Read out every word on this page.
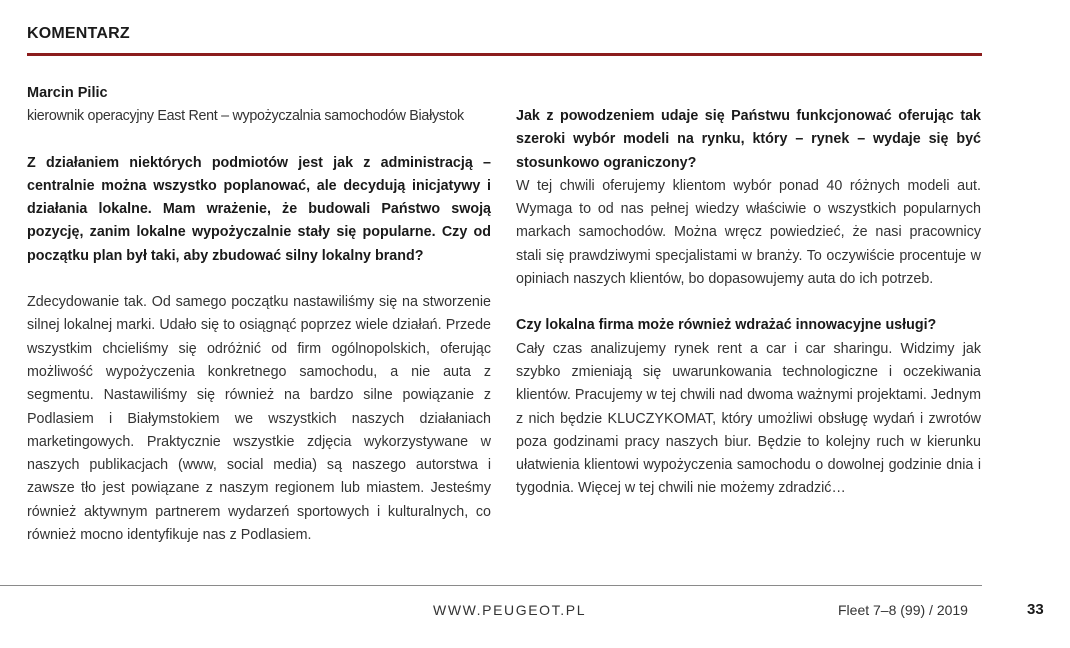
KOMENTARZ

Marcin Pilic

kierownik operacyjny East Rent – wypożyczalnia samochodów Białystok

Z działaniem niektórych podmiotów jest jak z administracją – centralnie można wszystko poplanować, ale decydują inicjatywy i działania lokalne. Mam wrażenie, że budowali Państwo swoją pozycję, zanim lokalne wypożyczalnie stały się popularne. Czy od początku plan był taki, aby zbudować silny lokalny brand?

Zdecydowanie tak. Od samego początku nastawiliśmy się na stworzenie silnej lokalnej marki. Udało się to osiągnąć poprzez wiele działań. Przede wszystkim chcieliśmy się odróżnić od firm ogólnopolskich, oferując możliwość wypożyczenia konkretnego samochodu, a nie auta z segmentu. Nastawiliśmy się również na bardzo silne powiązanie z Podlasiem i Białymstokiem we wszystkich naszych działaniach marketingowych. Praktycznie wszystkie zdjęcia wykorzystywane w naszych publikacjach (www, social media) są naszego autorstwa i zawsze tło jest powiązane z naszym regionem lub miastem. Jesteśmy również aktywnym partnerem wydarzeń sportowych i kulturalnych, co również mocno identyfikuje nas z Podlasiem.

Jak z powodzeniem udaje się Państwu funkcjonować oferując tak szeroki wybór modeli na rynku, który – rynek – wydaje się być stosunkowo ograniczony?

W tej chwili oferujemy klientom wybór ponad 40 różnych modeli aut. Wymaga to od nas pełnej wiedzy właściwie o wszystkich popularnych markach samochodów. Można wręcz powiedzieć, że nasi pracownicy stali się prawdziwymi specjalistami w branży. To oczywiście procentuje w opiniach naszych klientów, bo dopasowujemy auta do ich potrzeb.

Czy lokalna firma może również wdrażać innowacyjne usługi?

Cały czas analizujemy rynek rent a car i car sharingu. Widzimy jak szybko zmieniają się uwarunkowania technologiczne i oczekiwania klientów. Pracujemy w tej chwili nad dwoma ważnymi projektami. Jednym z nich będzie KLUCZYKOMAT, który umożliwi obsługę wydań i zwrotów poza godzinami pracy naszych biur. Będzie to kolejny ruch w kierunku ułatwienia klientowi wypożyczenia samochodu o dowolnej godzinie dnia i tygodnia. Więcej w tej chwili nie możemy zdradzić…

WWW.PEUGEOT.PL	Fleet 7–8 (99) / 2019	33
